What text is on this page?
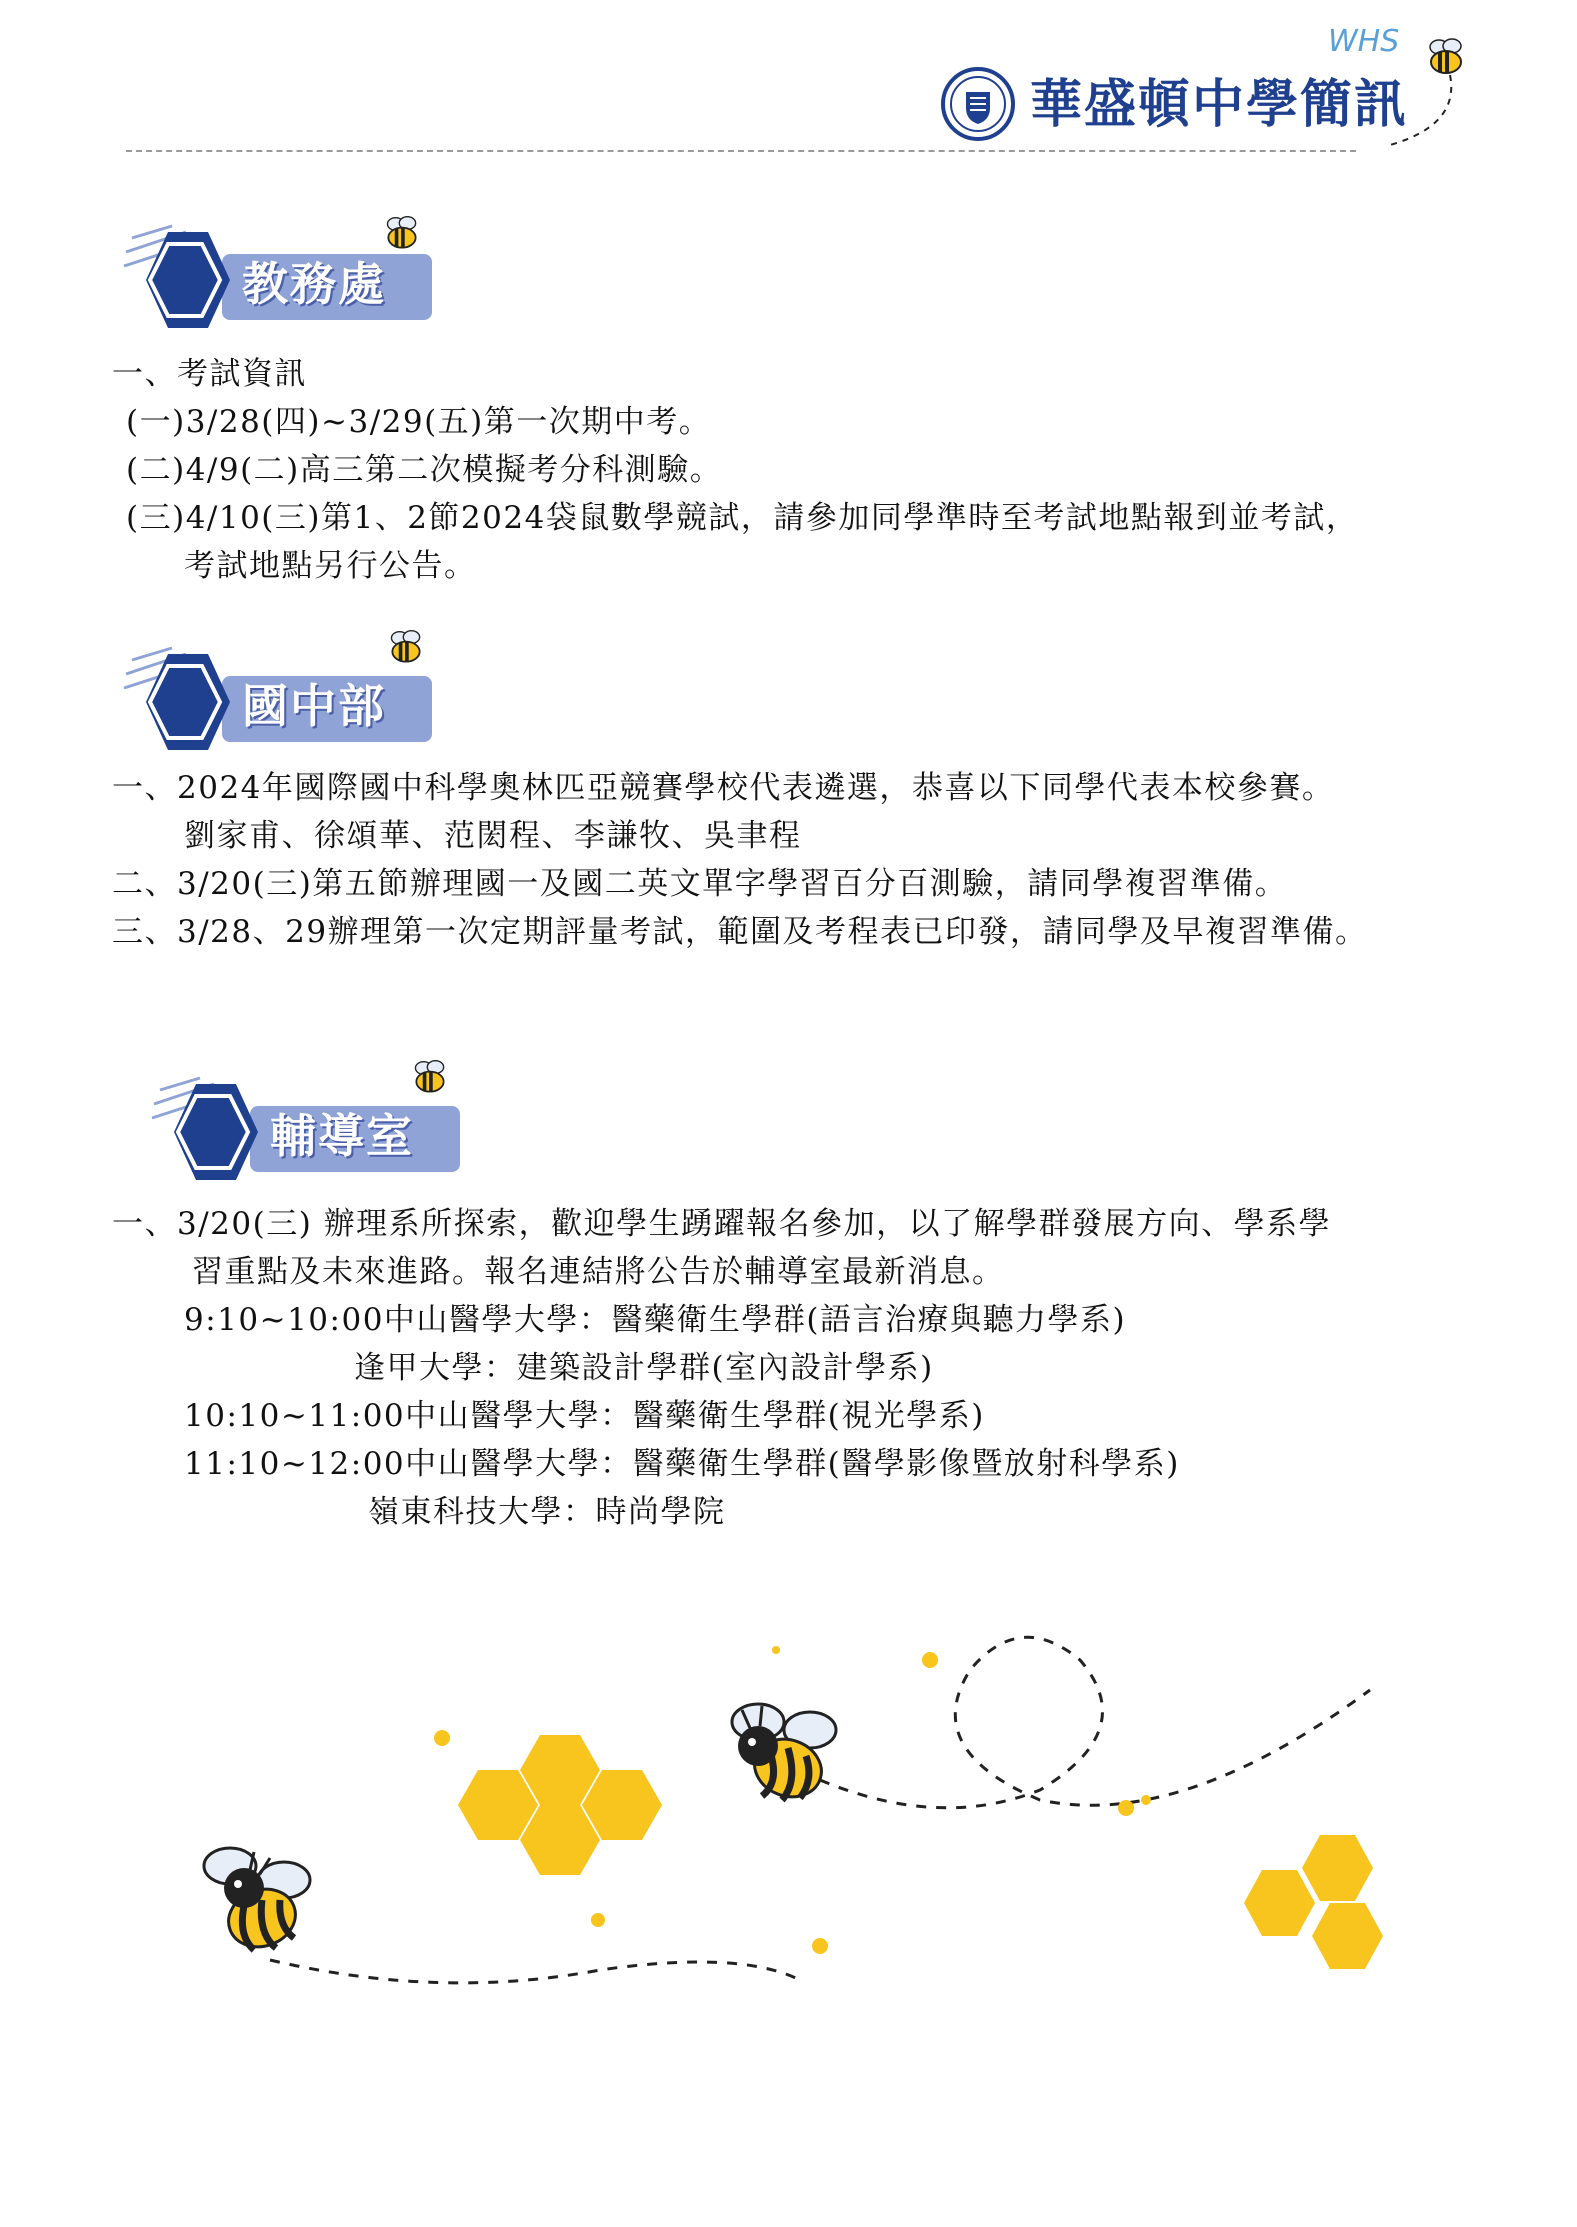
WHS
華盛頓中學簡訊
教務處
一、考試資訊
(一)3/28(四)~3/29(五)第一次期中考。
(二)4/9(二)高三第二次模擬考分科測驗。
(三)4/10(三)第1、2節2024袋鼠數學競試，請參加同學準時至考試地點報到並考試，
考試地點另行公告。
國中部
一、2024年國際國中科學奧林匹亞競賽學校代表遴選，恭喜以下同學代表本校參賽。
劉家甫、徐頌華、范閎程、李謙牧、吳聿程
二、3/20(三)第五節辦理國一及國二英文單字學習百分百測驗，請同學複習準備。
三、3/28、29辦理第一次定期評量考試，範圍及考程表已印發，請同學及早複習準備。
輔導室
一、3/20(三) 辦理系所探索，歡迎學生踴躍報名參加，以了解學群發展方向、學系學
習重點及未來進路。報名連結將公告於輔導室最新消息。
9:10~10:00中山醫學大學：醫藥衛生學群(語言治療與聽力學系)
逢甲大學：建築設計學群(室內設計學系)
10:10~11:00中山醫學大學：醫藥衛生學群(視光學系)
11:10~12:00中山醫學大學：醫藥衛生學群(醫學影像暨放射科學系)
嶺東科技大學：時尚學院
